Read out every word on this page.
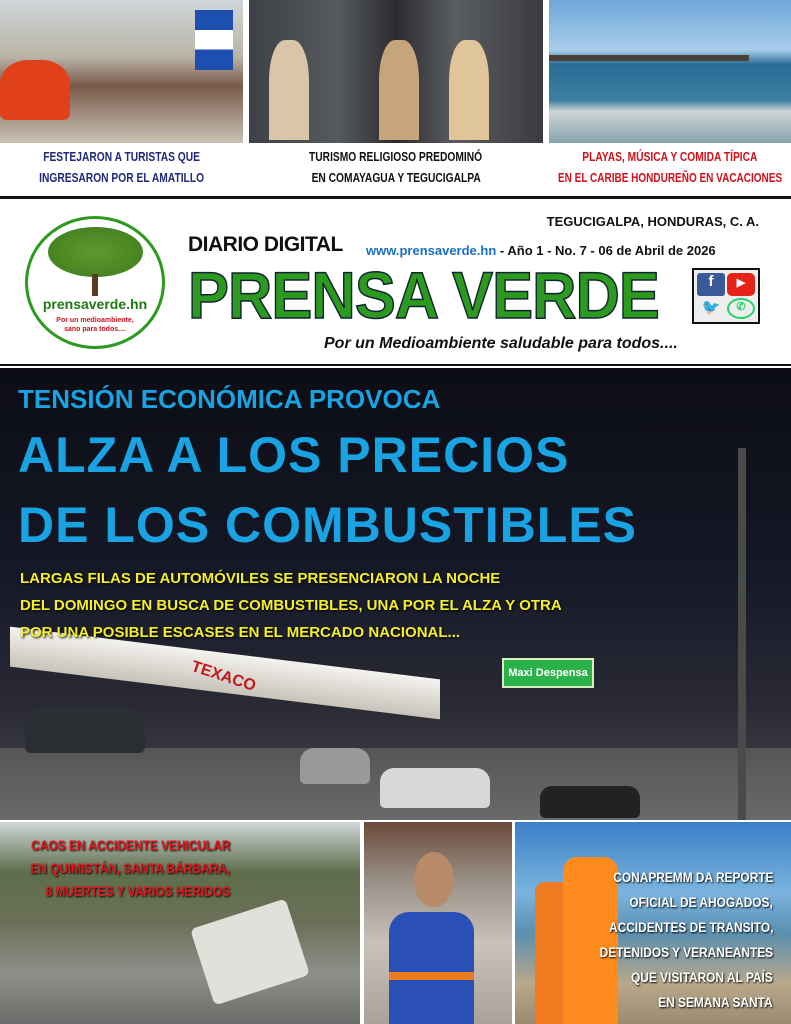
FESTEJARON A TURISTAS QUE
INGRESARON POR EL AMATILLO
TURISMO RELIGIOSO PREDOMINÓ
EN COMAYAGUA Y TEGUCIGALPA
PLAYAS, MÚSICA Y COMIDA TÍPICA
EN EL CARIBE HONDUREÑO EN VACACIONES
prensaverde.hn
Por un medioambiente, sano para todos....
TEGUCIGALPA, HONDURAS, C. A.
DIARIO DIGITAL www.prensaverde.hn - Año 1 - No. 7 - 06 de Abril de 2026
PRENSA VERDE	f	▶
🐦	✆
Por un Medioambiente saludable para todos....
TEXACO	Maxi Despensa
TENSIÓN ECONÓMICA PROVOCA
ALZA A LOS PRECIOS
DE LOS COMBUSTIBLES
LARGAS FILAS DE AUTOMÓVILES SE PRESENCIARON LA NOCHE
DEL DOMINGO EN BUSCA DE COMBUSTIBLES, UNA POR EL ALZA Y OTRA
POR UNA POSIBLE ESCASES EN EL MERCADO NACIONAL...
CAOS EN ACCIDENTE VEHICULAR
EN QUIMISTÁN, SANTA BÁRBARA,
8 MUERTES Y VARIOS HERIDOS
CONAPREMM DA REPORTE
OFICIAL DE AHOGADOS,
ACCIDENTES DE TRANSITO,
DETENIDOS Y VERANEANTES
QUE VISITARON AL PAÍS
EN SEMANA SANTA
